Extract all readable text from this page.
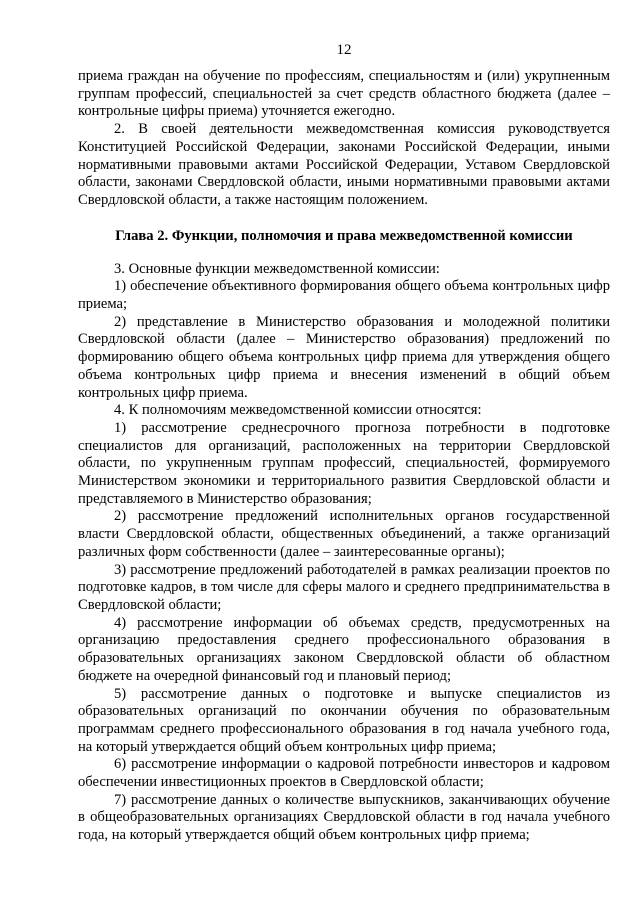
12

приема граждан на обучение по профессиям, специальностям и (или) укрупненным группам профессий, специальностей за счет средств областного бюджета (далее – контрольные цифры приема) уточняется ежегодно.

2. В своей деятельности межведомственная комиссия руководствуется Конституцией Российской Федерации, законами Российской Федерации, иными нормативными правовыми актами Российской Федерации, Уставом Свердловской области, законами Свердловской области, иными нормативными правовыми актами Свердловской области, а также настоящим положением.

Глава 2. Функции, полномочия и права межведомственной комиссии

3. Основные функции межведомственной комиссии:

1) обеспечение объективного формирования общего объема контрольных цифр приема;

2) представление в Министерство образования и молодежной политики Свердловской области (далее – Министерство образования) предложений по формированию общего объема контрольных цифр приема для утверждения общего объема контрольных цифр приема и внесения изменений в общий объем контрольных цифр приема.

4. К полномочиям межведомственной комиссии относятся:

1) рассмотрение среднесрочного прогноза потребности в подготовке специалистов для организаций, расположенных на территории Свердловской области, по укрупненным группам профессий, специальностей, формируемого Министерством экономики и территориального развития Свердловской области и представляемого в Министерство образования;

2) рассмотрение предложений исполнительных органов государственной власти Свердловской области, общественных объединений, а также организаций различных форм собственности (далее – заинтересованные органы);

3) рассмотрение предложений работодателей в рамках реализации проектов по подготовке кадров, в том числе для сферы малого и среднего предпринимательства в Свердловской области;

4) рассмотрение информации об объемах средств, предусмотренных на организацию предоставления среднего профессионального образования в образовательных организациях законом Свердловской области об областном бюджете на очередной финансовый год и плановый период;

5) рассмотрение данных о подготовке и выпуске специалистов из образовательных организаций по окончании обучения по образовательным программам среднего профессионального образования в год начала учебного года, на который утверждается общий объем контрольных цифр приема;

6) рассмотрение информации о кадровой потребности инвесторов и кадровом обеспечении инвестиционных проектов в Свердловской области;

7) рассмотрение данных о количестве выпускников, заканчивающих обучение в общеобразовательных организациях Свердловской области в год начала учебного года, на который утверждается общий объем контрольных цифр приема;
